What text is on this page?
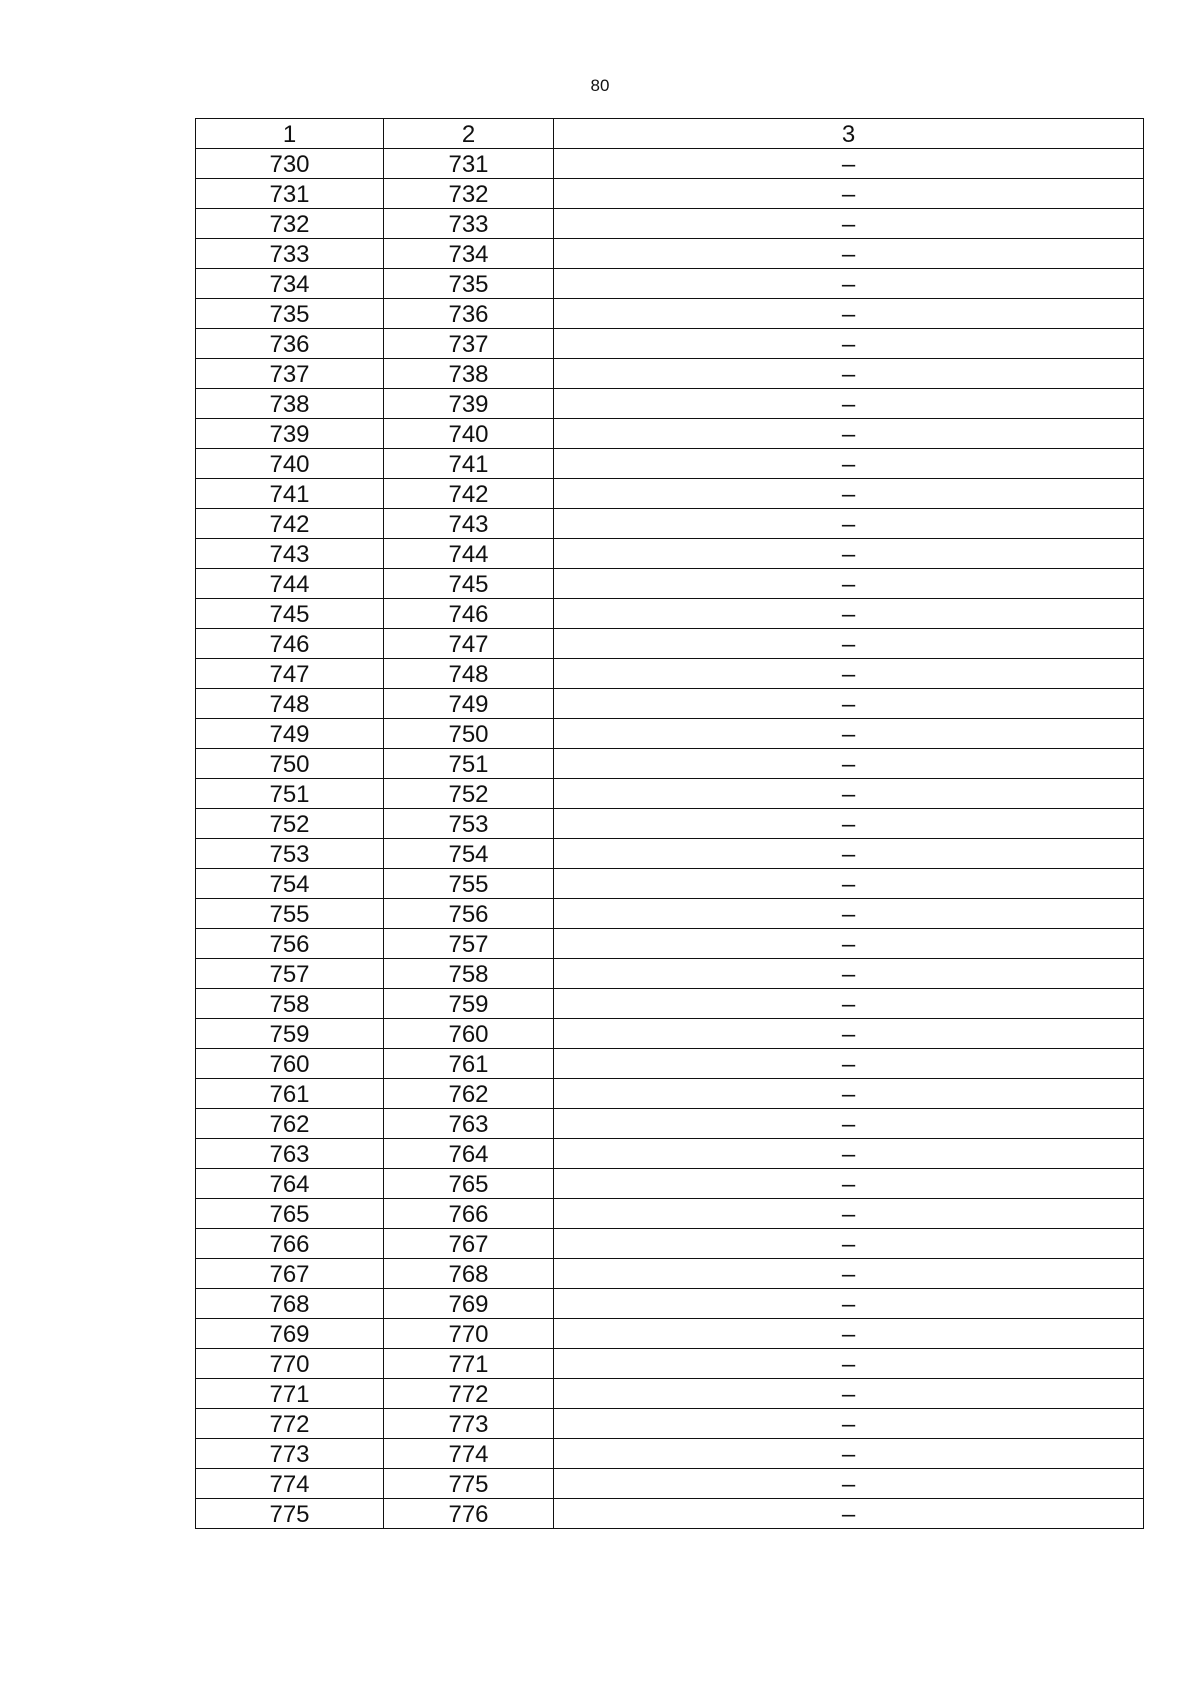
80
1	2	3
730	731	–
731	732	–
732	733	–
733	734	–
734	735	–
735	736	–
736	737	–
737	738	–
738	739	–
739	740	–
740	741	–
741	742	–
742	743	–
743	744	–
744	745	–
745	746	–
746	747	–
747	748	–
748	749	–
749	750	–
750	751	–
751	752	–
752	753	–
753	754	–
754	755	–
755	756	–
756	757	–
757	758	–
758	759	–
759	760	–
760	761	–
761	762	–
762	763	–
763	764	–
764	765	–
765	766	–
766	767	–
767	768	–
768	769	–
769	770	–
770	771	–
771	772	–
772	773	–
773	774	–
774	775	–
775	776	–
